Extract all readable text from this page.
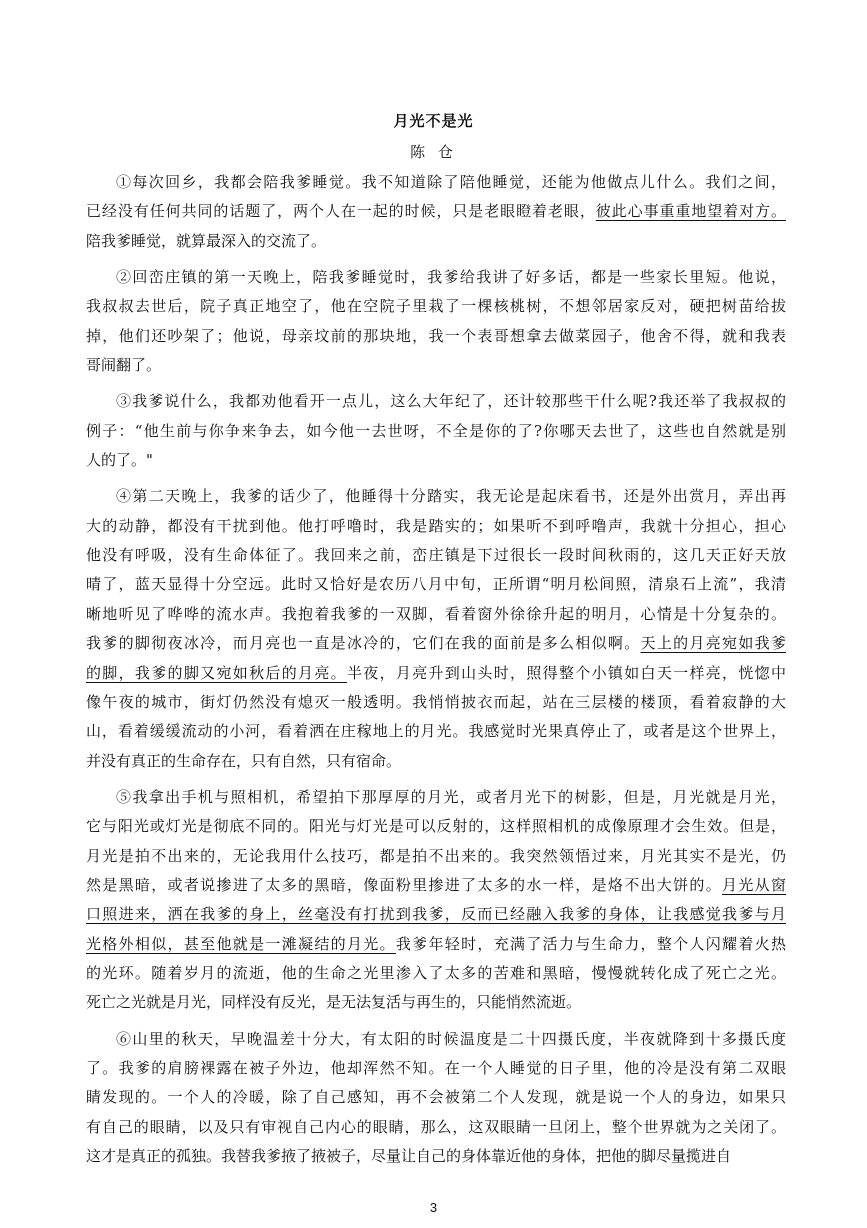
月光不是光
陈 仓
①每次回乡，我都会陪我爹睡觉。我不知道除了陪他睡觉，还能为他做点儿什么。我们之间，
已经没有任何共同的话题了，两个人在一起的时候，只是老眼瞪着老眼，彼此心事重重地望着对方。
陪我爹睡觉，就算最深入的交流了。
②回峦庄镇的第一天晚上，陪我爹睡觉时，我爹给我讲了好多话，都是一些家长里短。他说，
我叔叔去世后，院子真正地空了，他在空院子里栽了一棵核桃树，不想邻居家反对，硬把树苗给拔
掉，他们还吵架了；他说，母亲坟前的那块地，我一个表哥想拿去做菜园子，他舍不得，就和我表
哥闹翻了。
③我爹说什么，我都劝他看开一点儿，这么大年纪了，还计较那些干什么呢?我还举了我叔叔的
例子：“他生前与你争来争去，如今他一去世呀，不全是你的了?你哪天去世了，这些也自然就是别
人的了。"
④第二天晚上，我爹的话少了，他睡得十分踏实，我无论是起床看书，还是外出赏月，弄出再
大的动静，都没有干扰到他。他打呼噜时，我是踏实的；如果听不到呼噜声，我就十分担心，担心
他没有呼吸，没有生命体征了。我回来之前，峦庄镇是下过很长一段时间秋雨的，这几天正好天放
晴了，蓝天显得十分空远。此时又恰好是农历八月中旬，正所谓“明月松间照，清泉石上流”，我清
晰地听见了哗哗的流水声。我抱着我爹的一双脚，看着窗外徐徐升起的明月，心情是十分复杂的。
我爹的脚彻夜冰冷，而月亮也一直是冰冷的，它们在我的面前是多么相似啊。天上的月亮宛如我爹
的脚，我爹的脚又宛如秋后的月亮。半夜，月亮升到山头时，照得整个小镇如白天一样亮，恍惚中
像午夜的城市，街灯仍然没有熄灭一般透明。我悄悄披衣而起，站在三层楼的楼顶，看着寂静的大
山，看着缓缓流动的小河，看着洒在庄稼地上的月光。我感觉时光果真停止了，或者是这个世界上，
并没有真正的生命存在，只有自然，只有宿命。
⑤我拿出手机与照相机，希望拍下那厚厚的月光，或者月光下的树影，但是，月光就是月光，
它与阳光或灯光是彻底不同的。阳光与灯光是可以反射的，这样照相机的成像原理才会生效。但是，
月光是拍不出来的，无论我用什么技巧，都是拍不出来的。我突然领悟过来，月光其实不是光，仍
然是黑暗，或者说掺进了太多的黑暗，像面粉里掺进了太多的水一样，是烙不出大饼的。月光从窗
口照进来，洒在我爹的身上，丝毫没有打扰到我爹，反而已经融入我爹的身体，让我感觉我爹与月
光格外相似，甚至他就是一滩凝结的月光。我爹年轻时，充满了活力与生命力，整个人闪耀着火热
的光环。随着岁月的流逝，他的生命之光里渗入了太多的苦难和黑暗，慢慢就转化成了死亡之光。
死亡之光就是月光，同样没有反光，是无法复活与再生的，只能悄然流逝。
⑥山里的秋天，早晚温差十分大，有太阳的时候温度是二十四摄氏度，半夜就降到十多摄氏度
了。我爹的肩膀裸露在被子外边，他却浑然不知。在一个人睡觉的日子里，他的冷是没有第二双眼
睛发现的。一个人的冷暖，除了自己感知，再不会被第二个人发现，就是说一个人的身边，如果只
有自己的眼睛，以及只有审视自己内心的眼睛，那么，这双眼睛一旦闭上，整个世界就为之关闭了。
这才是真正的孤独。我替我爹掖了掖被子，尽量让自己的身体靠近他的身体，把他的脚尽量揽进自
3
